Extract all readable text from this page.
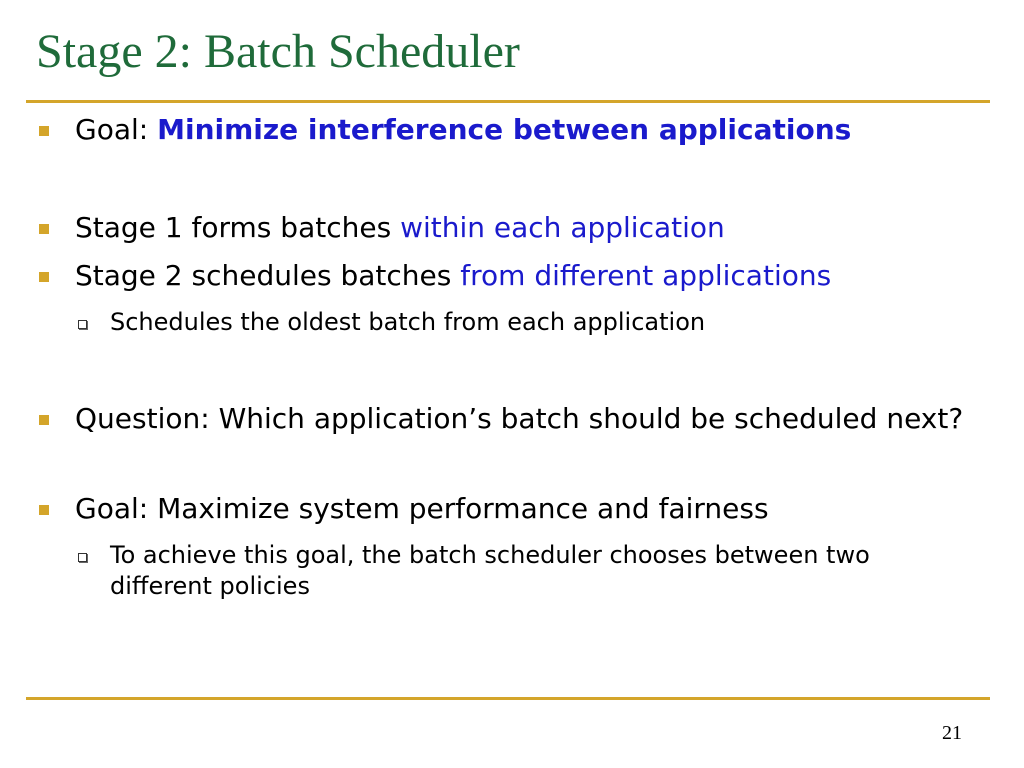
Stage 2: Batch Scheduler
Goal: Minimize interference between applications
Stage 1 forms batches within each application
Stage 2 schedules batches from different applications
Schedules the oldest batch from each application
Question: Which application’s batch should be scheduled next?
Goal: Maximize system performance and fairness
To achieve this goal, the batch scheduler chooses between two different policies
21
